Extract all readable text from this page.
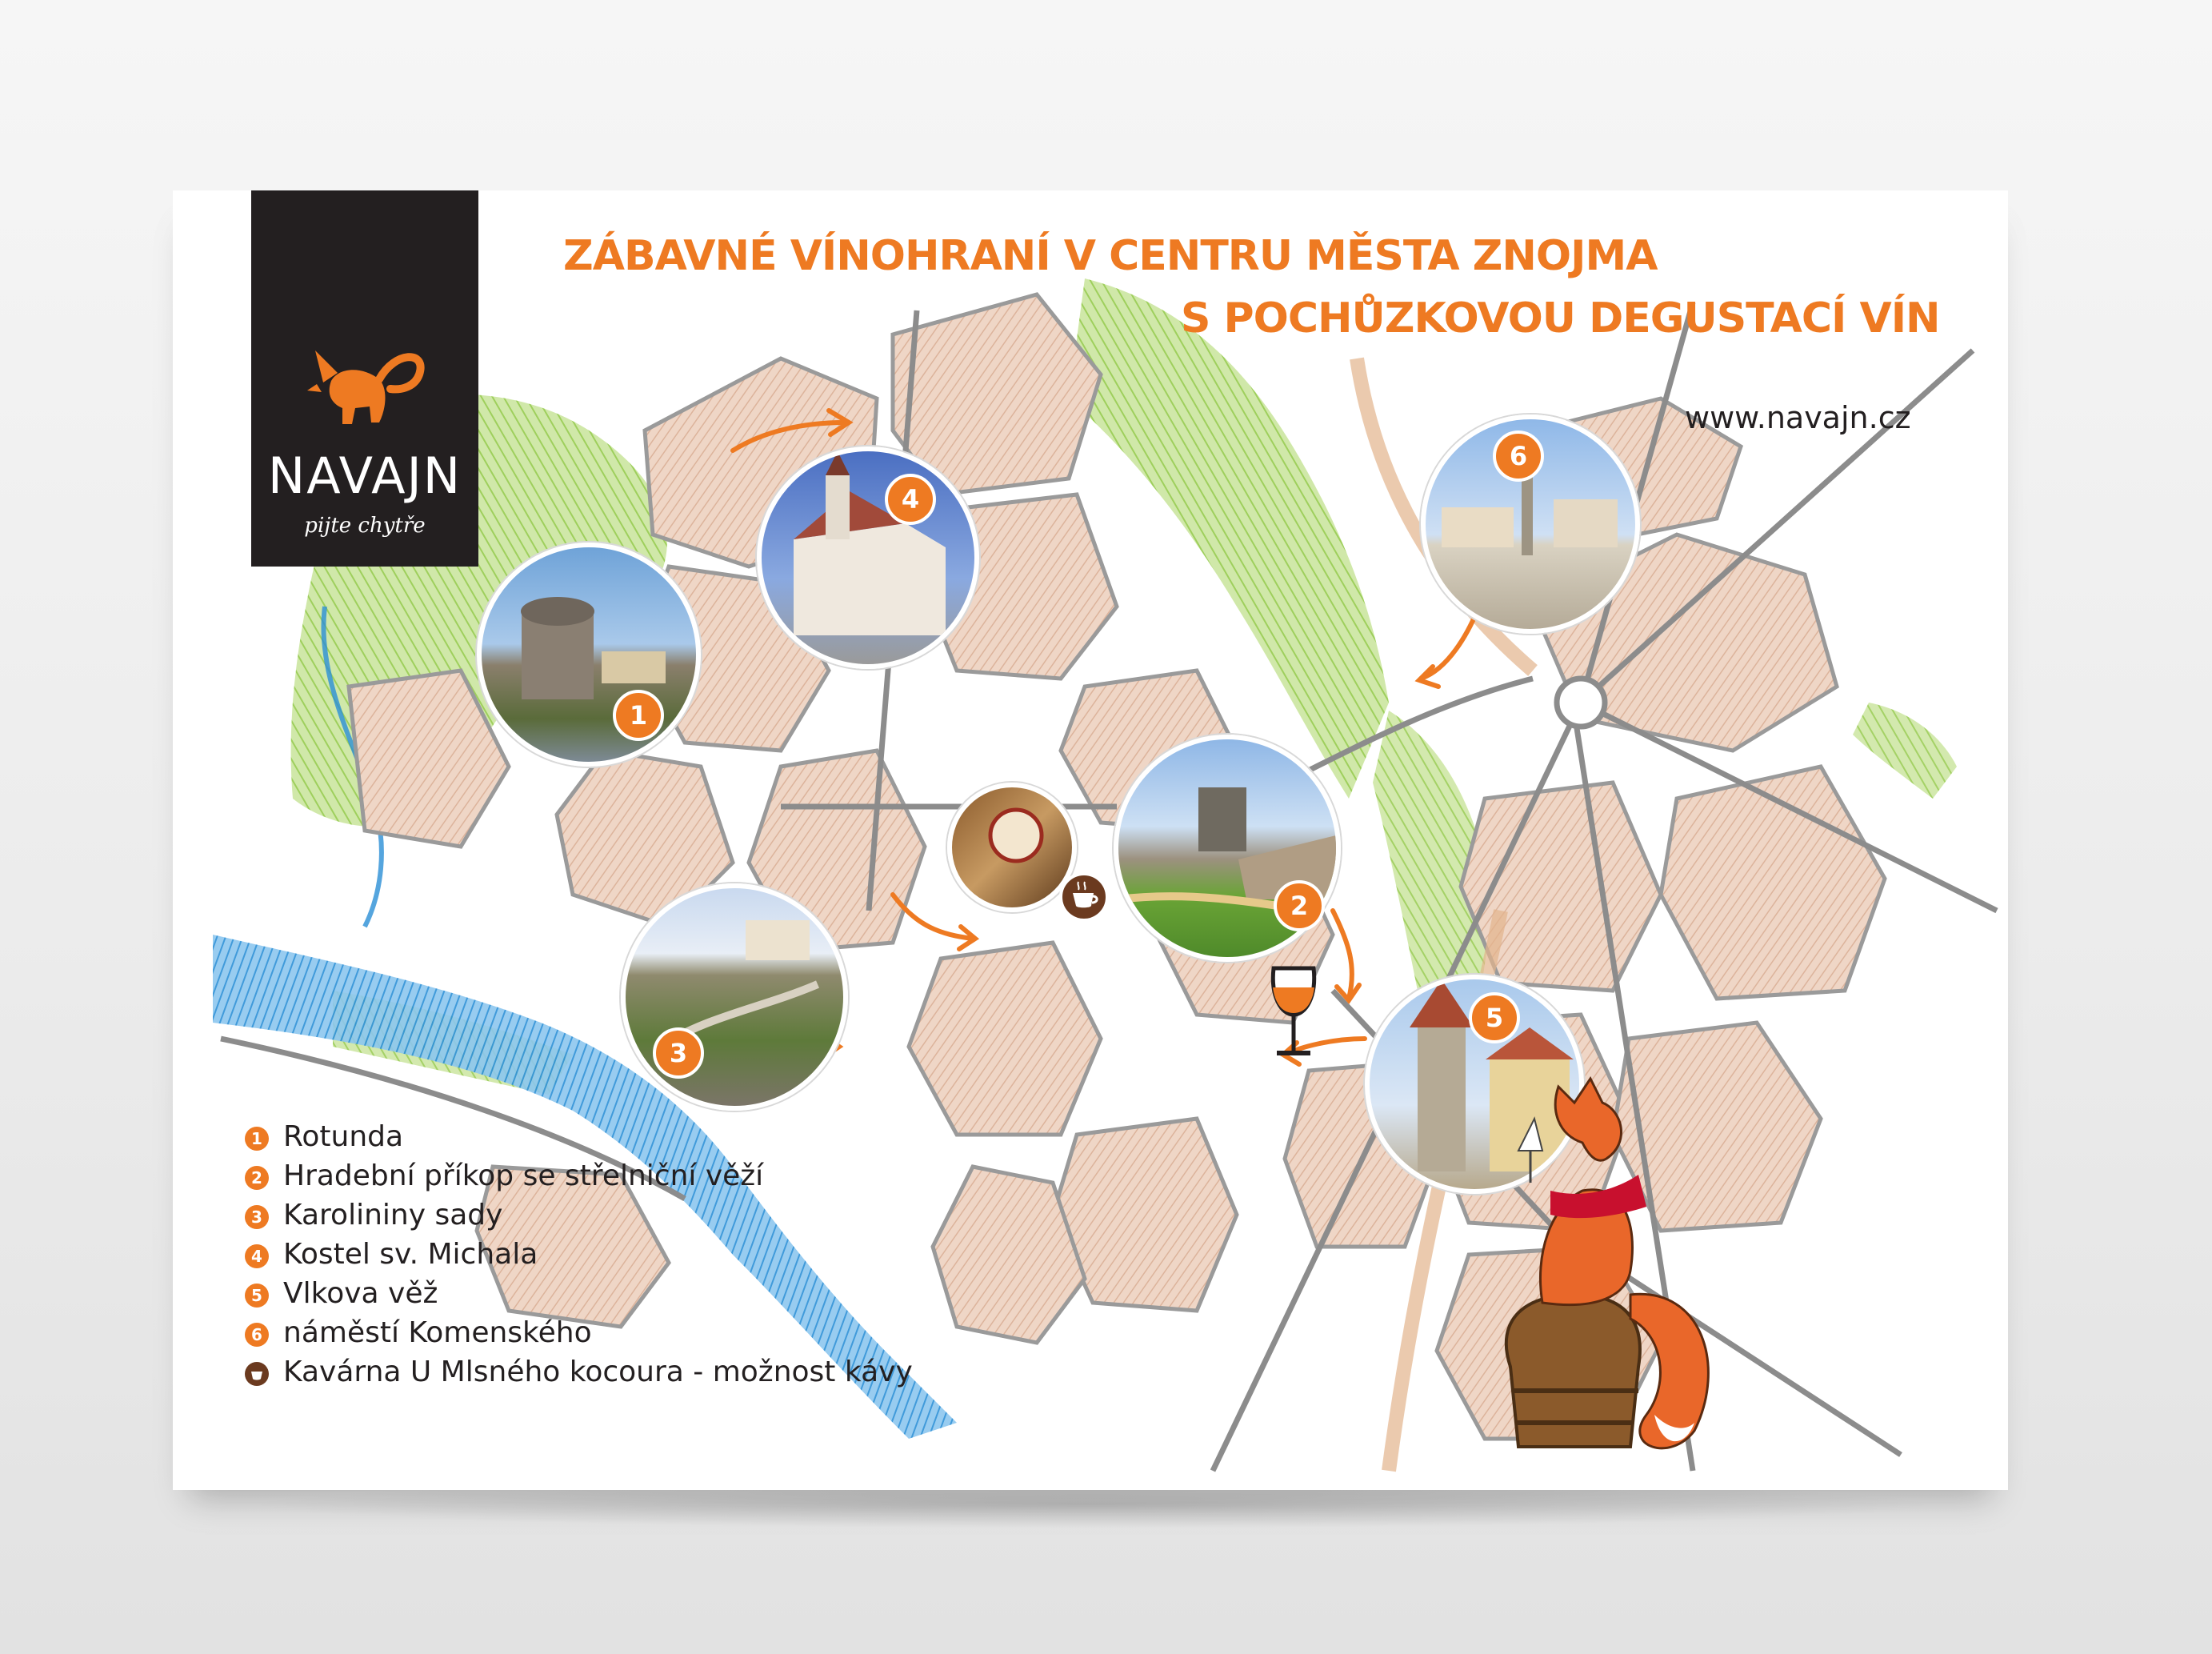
NAVAJN
pijte chytře
ZÁBAVNÉ VÍNOHRANÍ V CENTRU MĚSTA ZNOJMA
S POCHŮZKOVOU DEGUSTACÍ VÍN
www.navajn.cz
1
4
6
2
3
5
1 Rotunda
2 Hradební příkop se střelniční věží
3 Karolininy sady
4 Kostel sv. Michala
5 Vlkova věž
6 náměstí Komenského
Kavárna U Mlsného kocoura - možnost kávy
